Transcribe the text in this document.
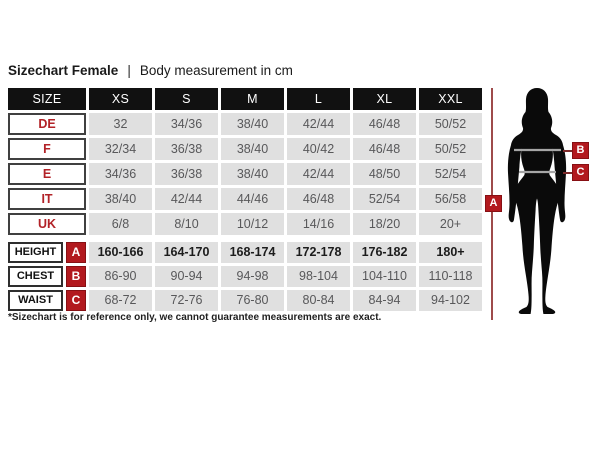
Sizechart Female | Body measurement in cm
SIZE	XS	S	M	L	XL	XXL
DE	32	34/36	38/40	42/44	46/48	50/52
F	32/34	36/38	38/40	40/42	46/48	50/52
E	34/36	36/38	38/40	42/44	48/50	52/54
IT	38/40	42/44	44/46	46/48	52/54	56/58
UK	6/8	8/10	10/12	14/16	18/20	20+
HEIGHT	A	160-166	164-170	168-174	172-178	176-182	180+
CHEST	B	86-90	90-94	94-98	98-104	104-110	110-118
WAIST	C	68-72	72-76	76-80	80-84	84-94	94-102
*Sizechart is for reference only, we cannot guarantee measurements are exact.
A
B
C
